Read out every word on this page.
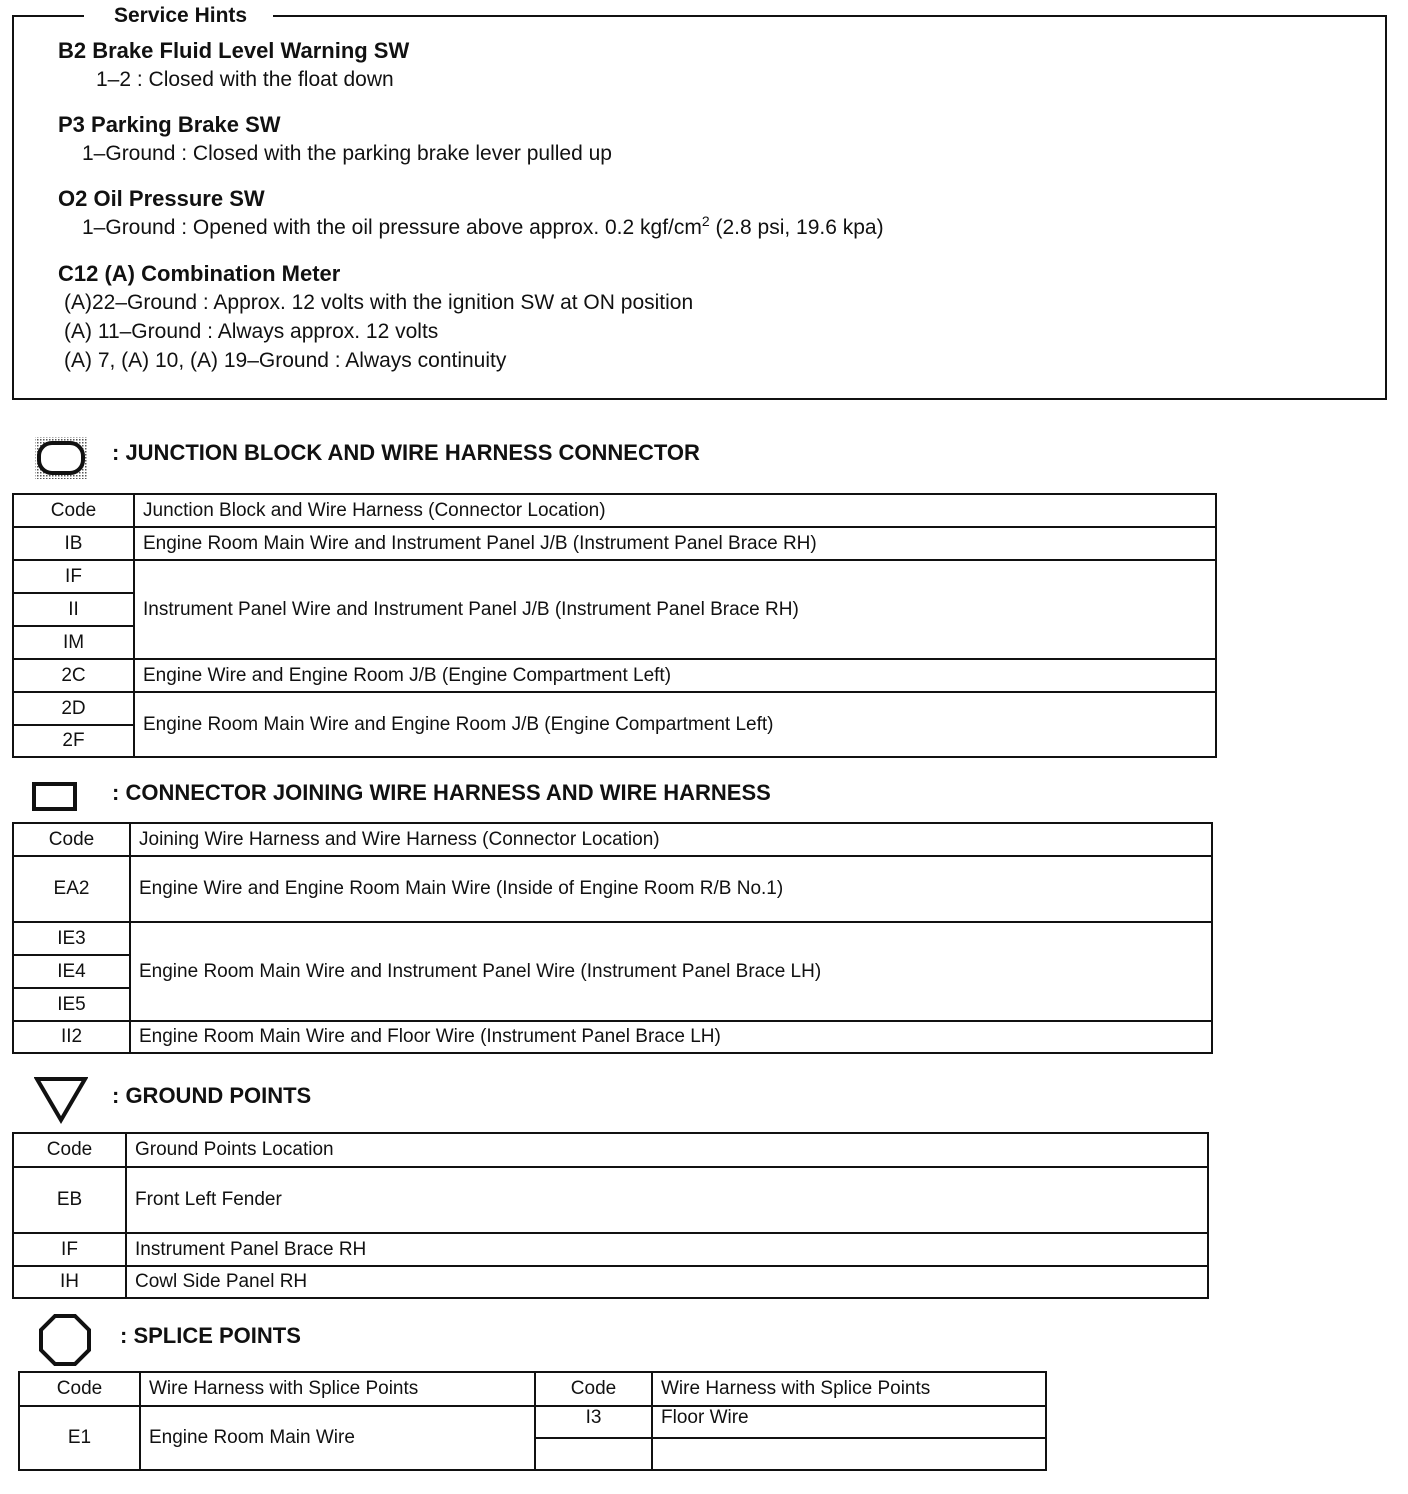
Service Hints
B2 Brake Fluid Level Warning SW
1–2 : Closed with the float down
P3 Parking Brake SW
1–Ground : Closed with the parking brake lever pulled up
O2 Oil Pressure SW
1–Ground : Opened with the oil pressure above approx. 0.2 kgf/$cm^2$ (2.8 psi, 19.6 kpa)
C12 (A) Combination Meter
(A)22–Ground : Approx. 12 volts with the ignition SW at ON position
(A) 11–Ground : Always approx. 12 volts
(A) 7, (A) 10, (A) 19–Ground : Always continuity
: JUNCTION BLOCK AND WIRE HARNESS CONNECTOR
Code	Junction Block and Wire Harness (Connector Location)
IB	Engine Room Main Wire and Instrument Panel J/B (Instrument Panel Brace RH)
IF	Instrument Panel Wire and Instrument Panel J/B (Instrument Panel Brace RH)
II	
IM	
2C	Engine Wire and Engine Room J/B (Engine Compartment Left)
2D	Engine Room Main Wire and Engine Room J/B (Engine Compartment Left)
2F	
: CONNECTOR JOINING WIRE HARNESS AND WIRE HARNESS
Code	Joining Wire Harness and Wire Harness (Connector Location)
EA2	Engine Wire and Engine Room Main Wire (Inside of Engine Room R/B No.1)
IE3	Engine Room Main Wire and Instrument Panel Wire (Instrument Panel Brace LH)
IE4	
IE5	
II2	Engine Room Main Wire and Floor Wire (Instrument Panel Brace LH)
: GROUND POINTS
Code	Ground Points Location
EB	Front Left Fender
IF	Instrument Panel Brace RH
IH	Cowl Side Panel RH
: SPLICE POINTS
Code	Wire Harness with Splice Points	Code	Wire Harness with Splice Points
E1	Engine Room Main Wire	I3	Floor Wire
